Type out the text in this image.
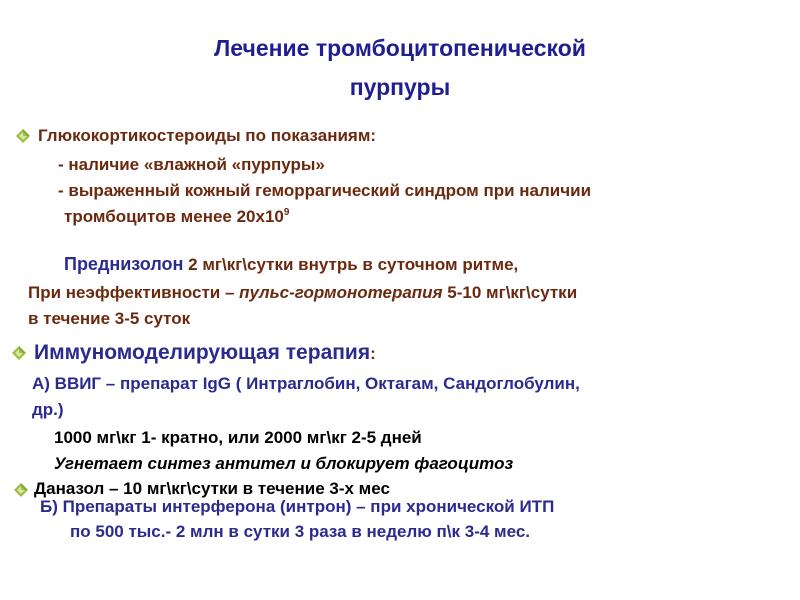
Лечение тромбоцитопенической
пурпуры
Глюкокортикостероиды по показаниям:
- наличие «влажной «пурпуры»
- выраженный кожный геморрагический синдром при наличии
тромбоцитов менее $20х10^9$
Преднизолон 2 мг\кг\сутки внутрь в суточном ритме,
При неэффективности – пульс-гормонотерапия 5-10 мг\кг\сутки
в течение 3-5 суток
Иммуномоделирующая терапия:
А) ВВИГ – препарат IgG ( Интраглобин, Октагам, Сандоглобулин,
др.)
1000 мг\кг 1- кратно, или 2000 мг\кг 2-5 дней
Угнетает синтез антител и блокирует фагоцитоз
Даназол – 10 мг\кг\сутки в течение 3-х мес
Б) Препараты интерферона (интрон) – при хронической ИТП
по 500 тыс.- 2 млн в сутки 3 раза в неделю п\к 3-4 мес.
